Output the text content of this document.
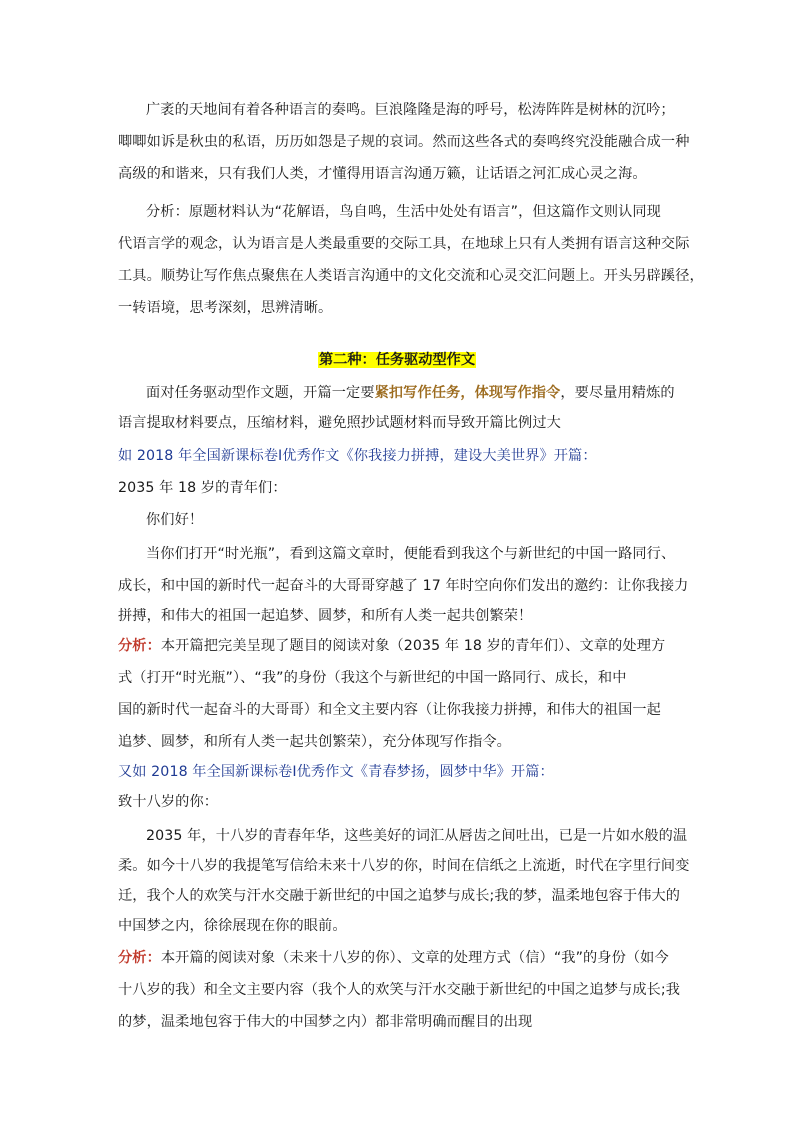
广袤的天地间有着各种语言的奏鸣。巨浪隆隆是海的呼号，松涛阵阵是树林的沉吟；
唧唧如诉是秋虫的私语，历历如怨是子规的哀词。然而这些各式的奏鸣终究没能融合成一种
高级的和谐来，只有我们人类，才懂得用语言沟通万籁，让话语之河汇成心灵之海。
分析：原题材料认为“花解语，鸟自鸣，生活中处处有语言”，但这篇作文则认同现
代语言学的观念，认为语言是人类最重要的交际工具，在地球上只有人类拥有语言这种交际
工具。顺势让写作焦点聚焦在人类语言沟通中的文化交流和心灵交汇问题上。开头另辟蹊径，
一转语境，思考深刻，思辨清晰。
第二种：任务驱动型作文
面对任务驱动型作文题，开篇一定要紧扣写作任务，体现写作指令，要尽量用精炼的
语言提取材料要点，压缩材料，避免照抄试题材料而导致开篇比例过大
如 2018 年全国新课标卷Ⅰ优秀作文《你我接力拼搏，建设大美世界》开篇：
2035 年 18 岁的青年们：
你们好！
当你们打开“时光瓶”，看到这篇文章时，便能看到我这个与新世纪的中国一路同行、
成长，和中国的新时代一起奋斗的大哥哥穿越了 17 年时空向你们发出的邀约：让你我接力
拼搏，和伟大的祖国一起追梦、圆梦，和所有人类一起共创繁荣！
分析：本开篇把完美呈现了题目的阅读对象（2035 年 18 岁的青年们）、文章的处理方
式（打开“时光瓶”）、“我”的身份（我这个与新世纪的中国一路同行、成长，和中
国的新时代一起奋斗的大哥哥）和全文主要内容（让你我接力拼搏，和伟大的祖国一起
追梦、圆梦，和所有人类一起共创繁荣），充分体现写作指令。
又如 2018 年全国新课标卷Ⅰ优秀作文《青春梦扬，圆梦中华》开篇：
致十八岁的你：
2035 年，十八岁的青春年华，这些美好的词汇从唇齿之间吐出，已是一片如水般的温
柔。如今十八岁的我提笔写信给未来十八岁的你，时间在信纸之上流逝，时代在字里行间变
迁，我个人的欢笑与汗水交融于新世纪的中国之追梦与成长;我的梦，温柔地包容于伟大的
中国梦之内，徐徐展现在你的眼前。
分析：本开篇的阅读对象（未来十八岁的你）、文章的处理方式（信）“我”的身份（如今
十八岁的我）和全文主要内容（我个人的欢笑与汗水交融于新世纪的中国之追梦与成长;我
的梦，温柔地包容于伟大的中国梦之内）都非常明确而醒目的出现
